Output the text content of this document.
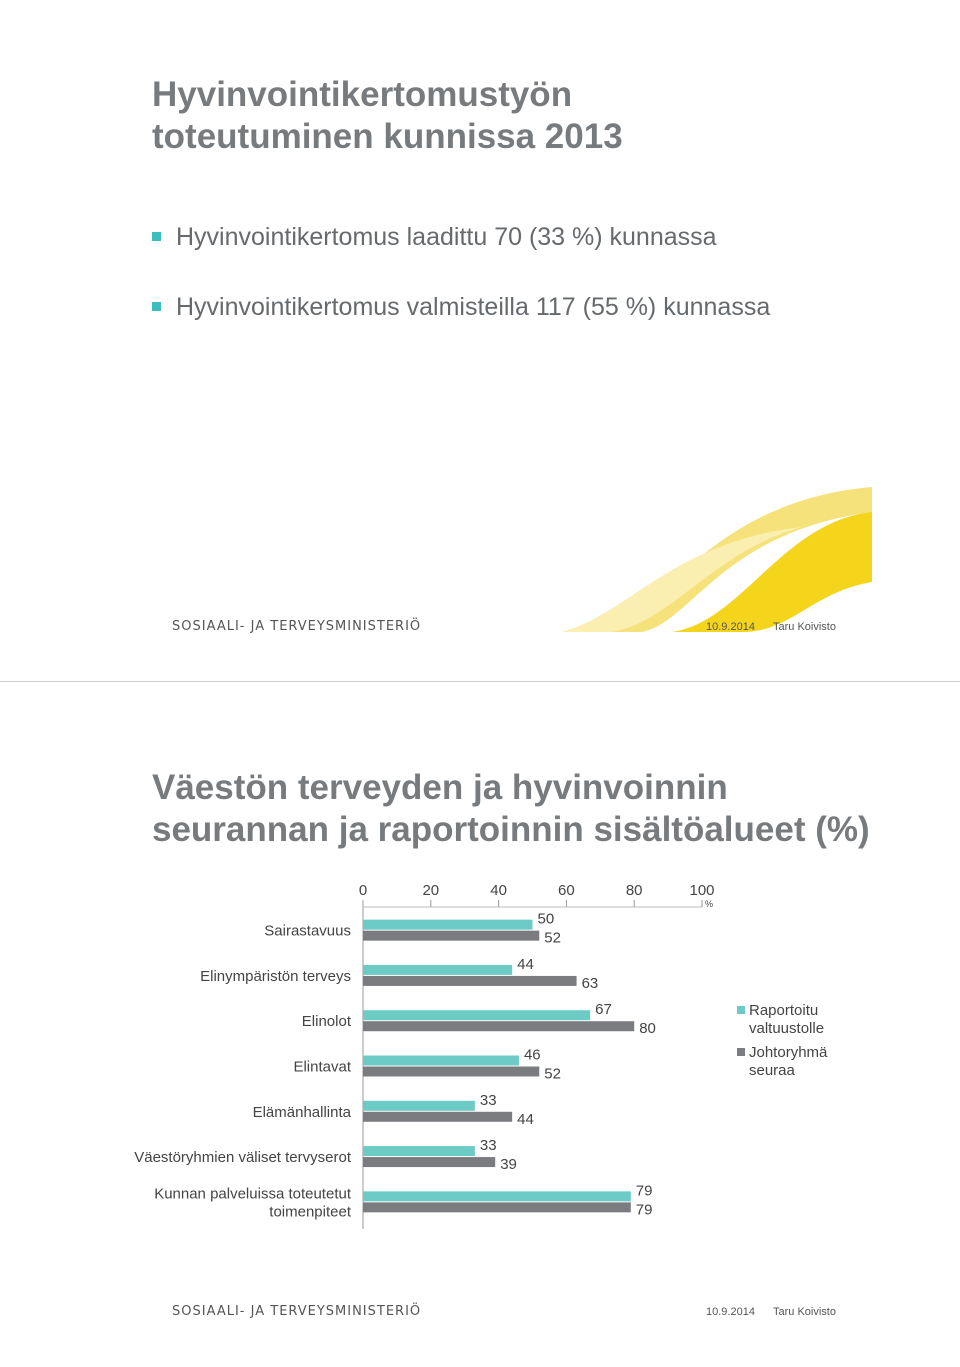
Hyvinvointikertomustyön
toteutuminen kunnissa 2013
Hyvinvointikertomus laadittu 70 (33 %) kunnassa
Hyvinvointikertomus valmisteilla 117 (55 %) kunnassa
SOSIAALI- JA TERVEYSMINISTERIÖ	10.9.2014 Taru Koivisto
Väestön terveyden ja hyvinvoinnin
seurannan ja raportoinnin sisältöalueet (%)
0	20	40	60	80	100
%
Sairastavuus
50
52
Elinympäristön terveys
44
63
Elinolot
67
80
Elintavat
46
52
Elämänhallinta
33
44
Väestöryhmien väliset tervyserot
33
39
Kunnan palveluissa toteutetut
toimenpiteet
79
79
Raportoitu
valtuustolle
Johtoryhmä
seuraa
SOSIAALI- JA TERVEYSMINISTERIÖ	10.9.2014 Taru Koivisto
